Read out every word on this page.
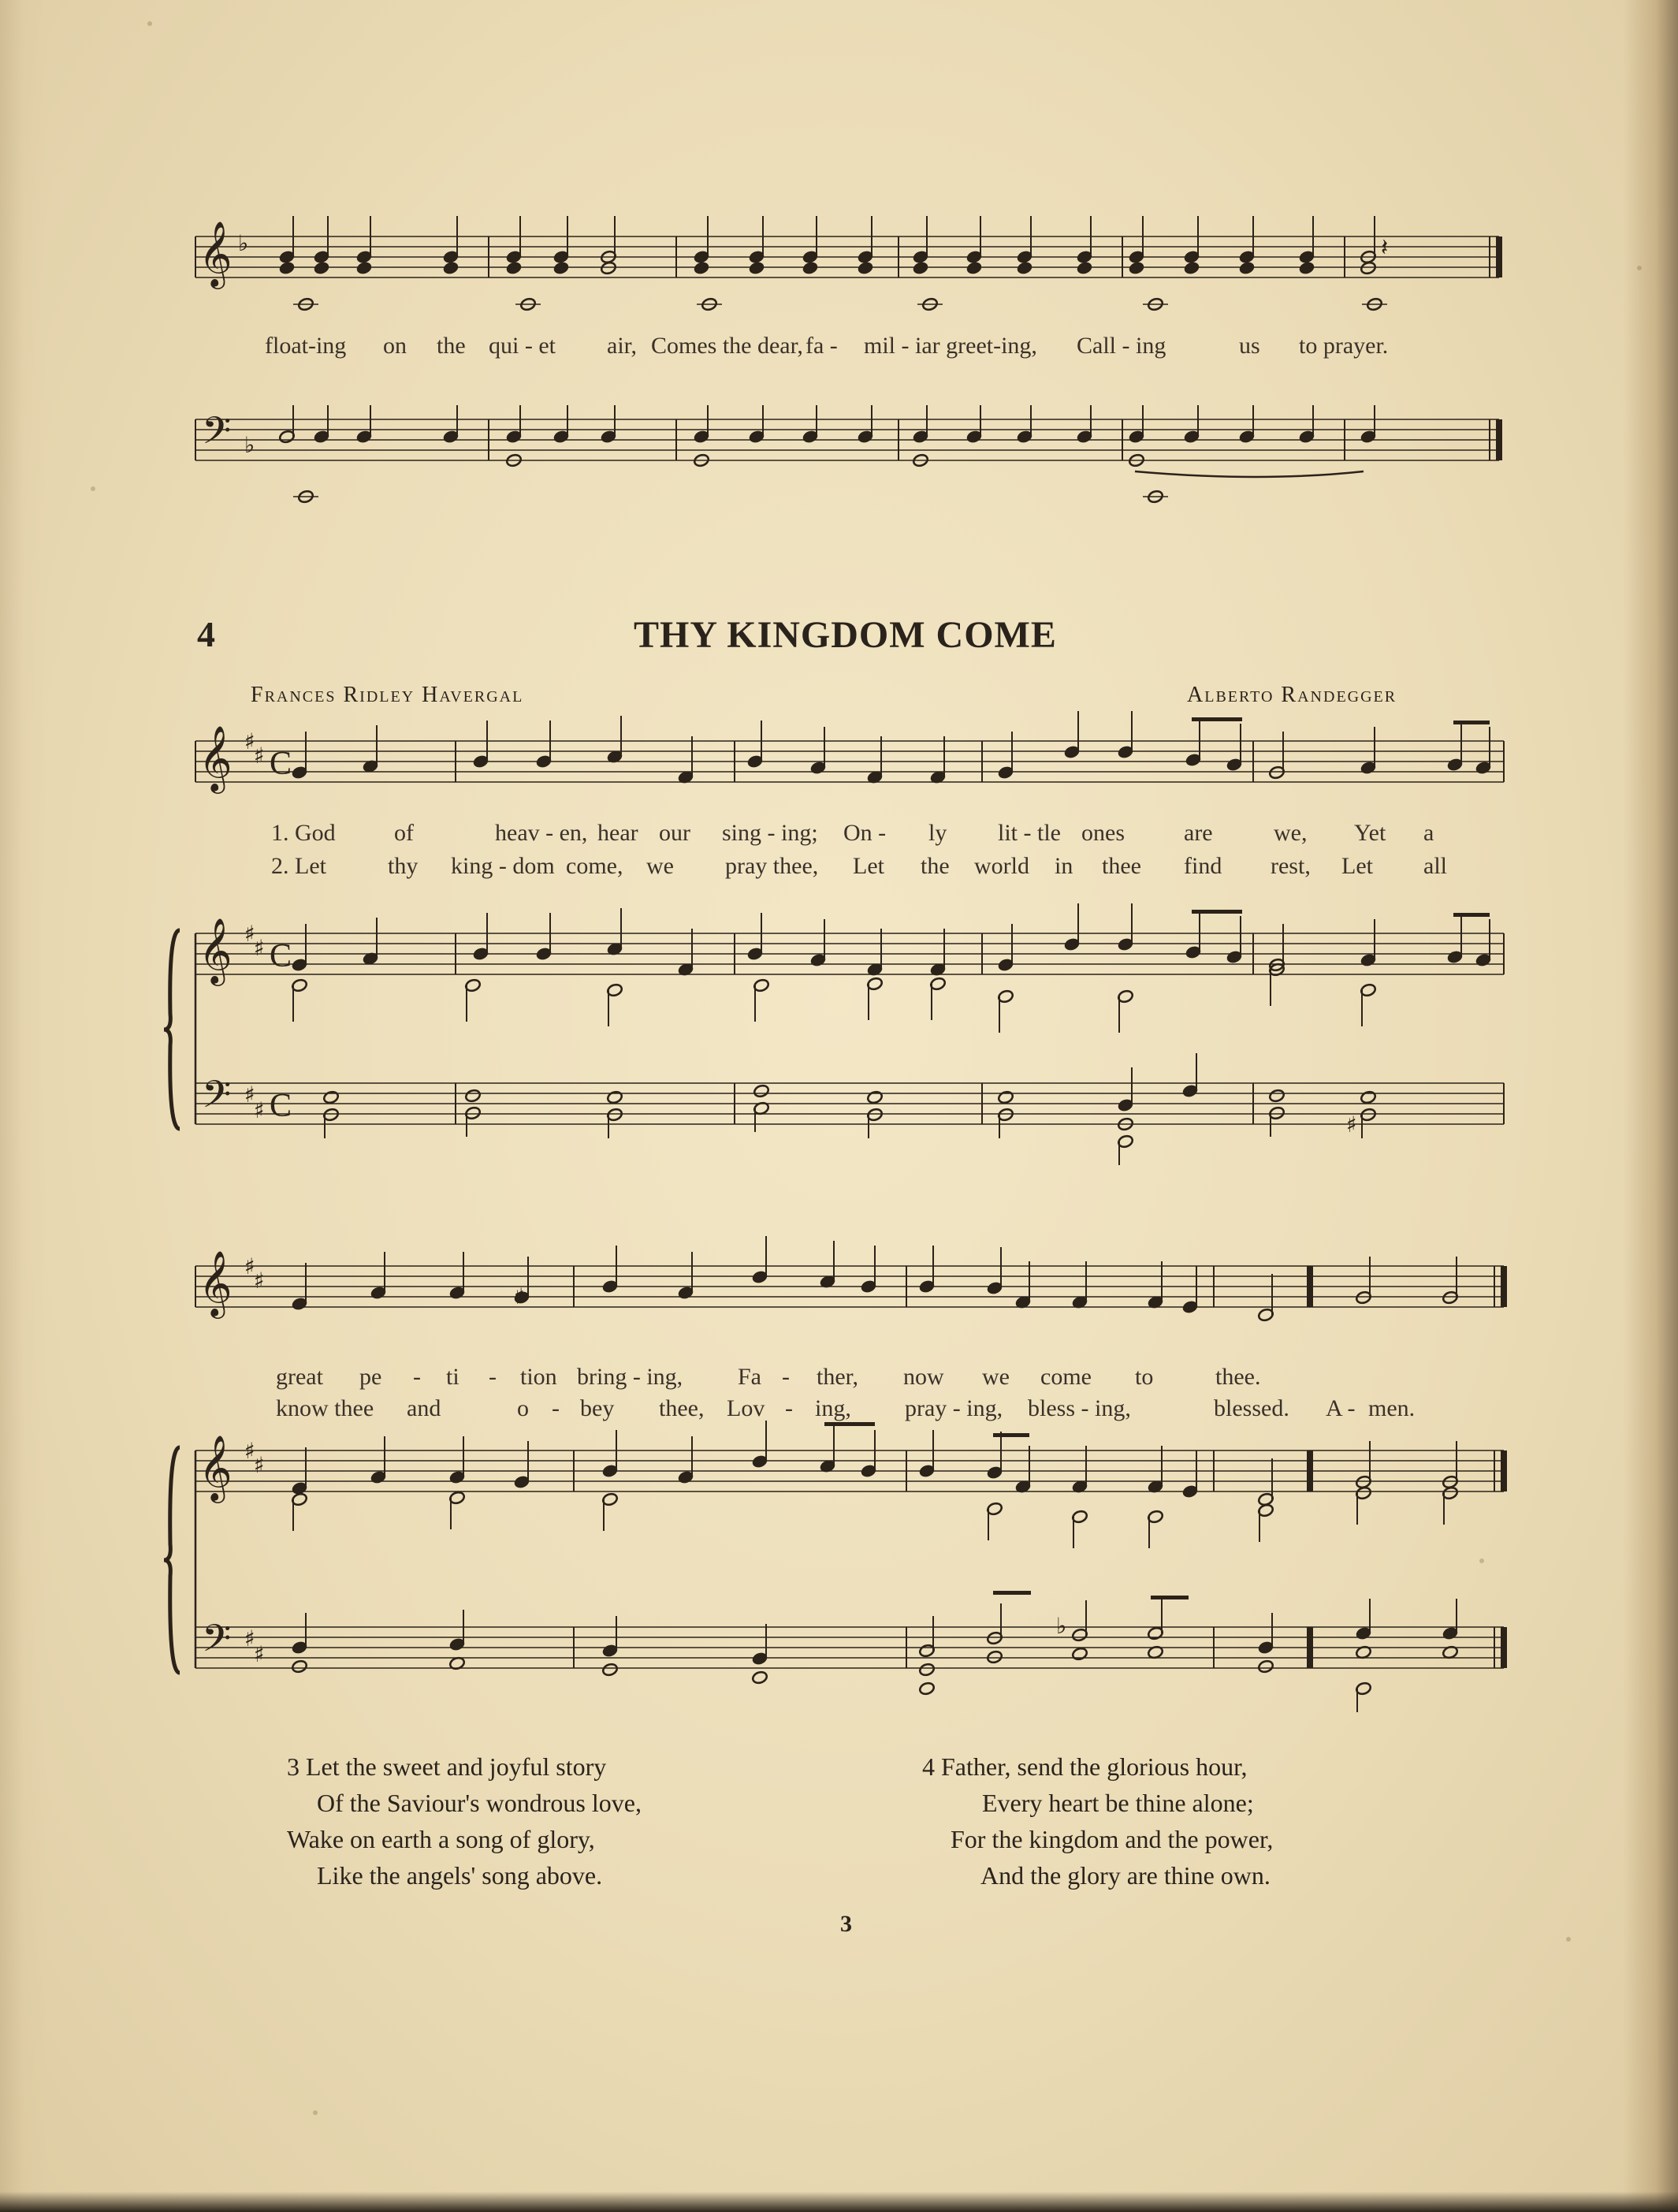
𝄞
𝄢
♭
♭
𝄽
𝄞 ♯
♯ C
𝄞 ♯
♯ C
𝄢 ♯
♯ C
♯
𝄞 ♯
♯
𝄞 ♯
♯
𝄢 ♯
♯
♯
♭
float-ing on the qui - et air, Comes the dear, fa - mil - iar greet-ing, Call - ing	us to prayer.
4	THY KINGDOM COME
Frances Ridley Havergal	Alberto Randegger
1. God of	heav - en, hear our sing - ing; On - ly lit - tle ones	are	we, Yet a
2. Let	thy king - dom come, we pray thee, Let the world in thee find rest, Let all
great pe - ti - tion bring - ing, Fa - ther, now we come to	thee.
know thee and	o - bey thee, Lov - ing, pray - ing, bless - ing,	blessed. A - men.
3 Let the sweet and joyful story
Of the Saviour's wondrous love,
Wake on earth a song of glory,
Like the angels' song above.
4 Father, send the glorious hour,
Every heart be thine alone;
For the kingdom and the power,
And the glory are thine own.
3
